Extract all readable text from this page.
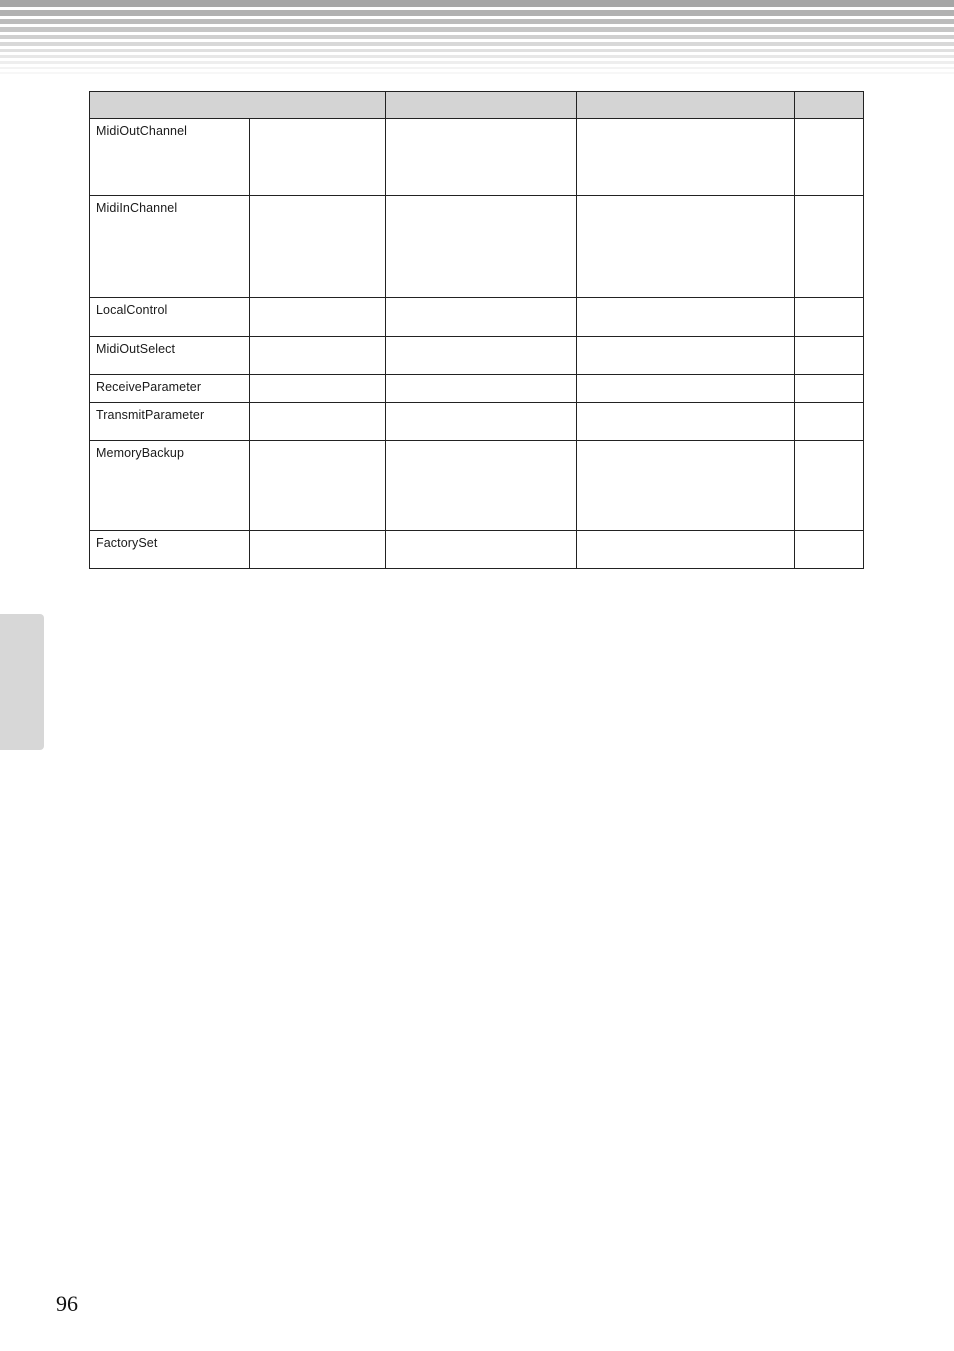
MidiOutChannel				

MidiInChannel				

LocalControl				

MidiOutSelect				

ReceiveParameter				

TransmitParameter				

MemoryBackup				

FactorySet				

96
